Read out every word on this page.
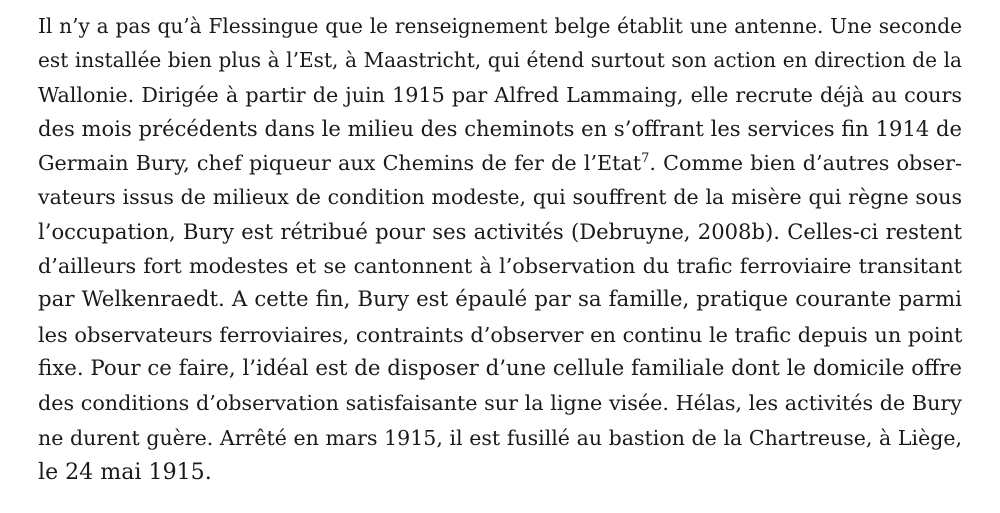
Il n’y a pas qu’à Flessingue que le renseignement belge établit une antenne. Une seconde
est installée bien plus à l’Est, à Maastricht, qui étend surtout son action en direction de la
Wallonie. Dirigée à partir de juin 1915 par Alfred Lammaing, elle recrute déjà au cours
des mois précédents dans le milieu des cheminots en s’offrant les services fin 1914 de
Germain Bury, chef piqueur aux Chemins de fer de l’Etat$^7$. Comme bien d’autres obser-
vateurs issus de milieux de condition modeste, qui souffrent de la misère qui règne sous
l’occupation, Bury est rétribué pour ses activités (Debruyne, 2008b). Celles-ci restent
d’ailleurs fort modestes et se cantonnent à l’observation du trafic ferroviaire transitant
par Welkenraedt. A cette fin, Bury est épaulé par sa famille, pratique courante parmi
les observateurs ferroviaires, contraints d’observer en continu le trafic depuis un point
fixe. Pour ce faire, l’idéal est de disposer d’une cellule familiale dont le domicile offre
des conditions d’observation satisfaisante sur la ligne visée. Hélas, les activités de Bury
ne durent guère. Arrêté en mars 1915, il est fusillé au bastion de la Chartreuse, à Liège,
le 24 mai 1915.
